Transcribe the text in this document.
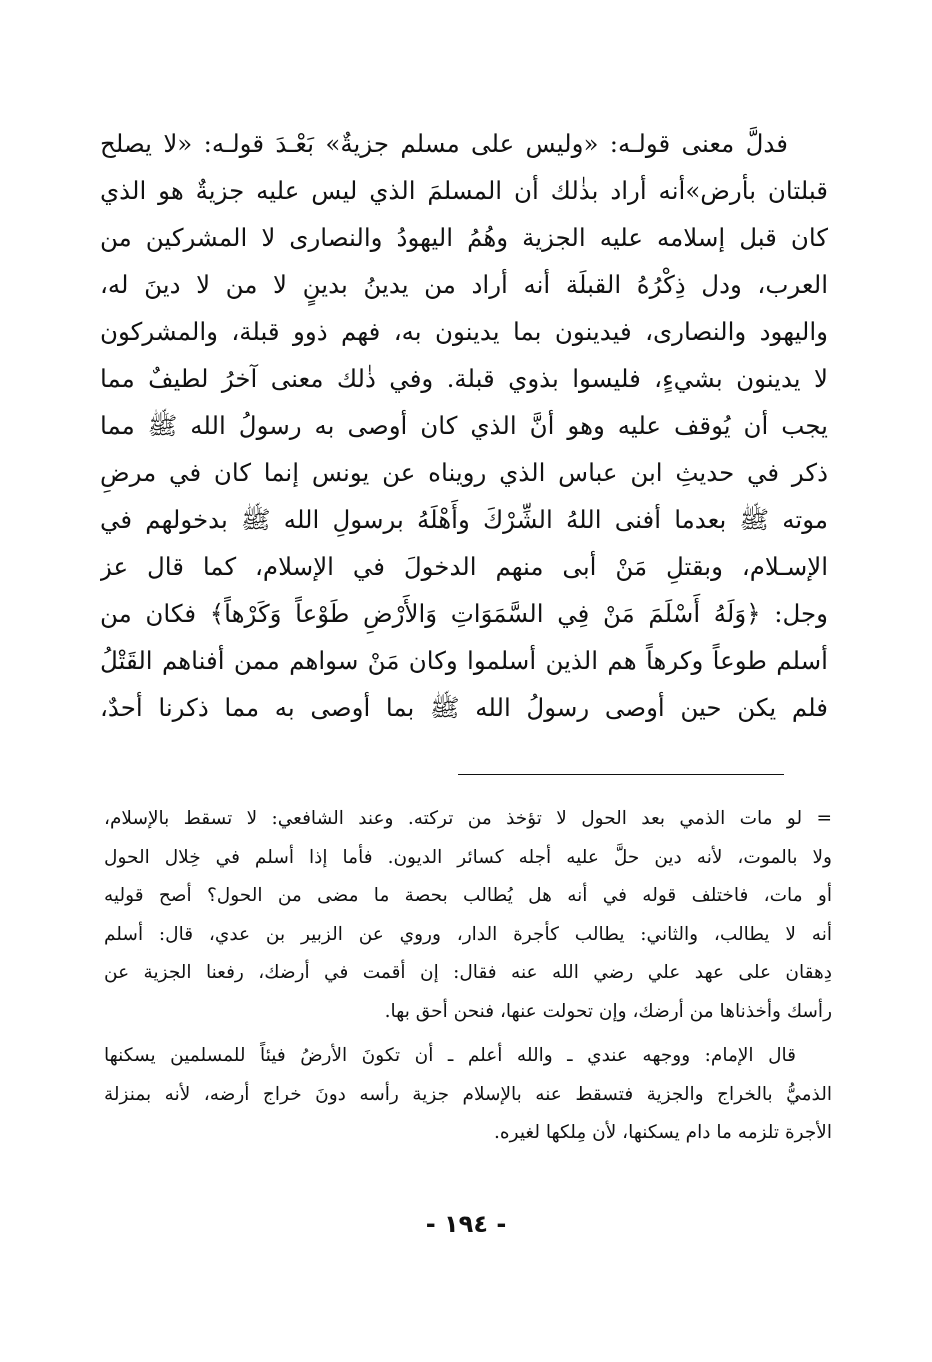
فدلَّ معنى قولـه: «وليس على مسلم جزيةٌ» بَعْـدَ قولـه: «لا يصلح
قبلتان بأرض»أنه أراد بذٰلك أن المسلمَ الذي ليس عليه جزيةٌ هو الذي
كان قبل إسلامه عليه الجزية وهُمُ اليهودُ والنصارى لا المشركين من
العرب، ودل ذِكْرُهُ القبلَة أنه أراد من يدينُ بدينٍ لا من لا دينَ له،
واليهود والنصارى، فيدينون بما يدينون به، فهم ذوو قبلة، والمشركون
لا يدينون بشيءٍ، فليسوا بذوي قبلة. وفي ذٰلك معنى آخرُ لطيفٌ مما
يجب أن يُوقف عليه وهو أنَّ الذي كان أوصى به رسولُ الله ﷺ مما
ذكر في حديثِ ابن عباس الذي رويناه عن يونس إنما كان في مرضِ
موته ﷺ بعدما أفنى اللهُ الشِّرْكَ وأَهْلَهُ برسولِ الله ﷺ بدخولهم في
الإسـلام، وبقتلِ مَنْ أبى منهم الدخولَ في الإسلام، كما قال عز
وجل: ﴿وَلَهُ أَسْلَمَ مَنْ فِي السَّمَوَاتِ وَالأَرْضِ طَوْعاً وَكَرْهاً﴾ فكان من
أسلم طوعاً وكرهاً هم الذين أسلموا وكان مَنْ سواهم ممن أفناهم القَتْلُ
فلم يكن حين أوصى رسولُ الله ﷺ بما أوصى به مما ذكرنا أحدٌ،
= لو مات الذمي بعد الحول لا تؤخذ من تركته. وعند الشافعي: لا تسقط بالإسلام،
ولا بالموت، لأنه دين حلَّ عليه أجله كسائر الديون. فأما إذا أسلم في خِلال الحول
أو مات، فاختلف قوله في أنه هل يُطالب بحصة ما مضى من الحول؟ أصح قوليه
أنه لا يطالب، والثاني: يطالب كأجرة الدار، وروي عن الزبير بن عدي، قال: أسلم
دِهقان على عهد علي رضي الله عنه فقال: إن أقمت في أرضك، رفعنا الجزية عن
رأسك وأخذناها من أرضك، وإن تحولت عنها، فنحن أحق بها.
قال الإمام: ووجهه عندي ـ والله أعلم ـ أن تكونَ الأرضُ فيئاً للمسلمين يسكنها
الذميُّ بالخراج والجزية فتسقط عنه بالإسلام جزية رأسه دونَ خراج أرضه، لأنه بمنزلة
الأجرة تلزمه ما دام يسكنها، لأن مِلكها لغيره.
- ١٩٤ -
